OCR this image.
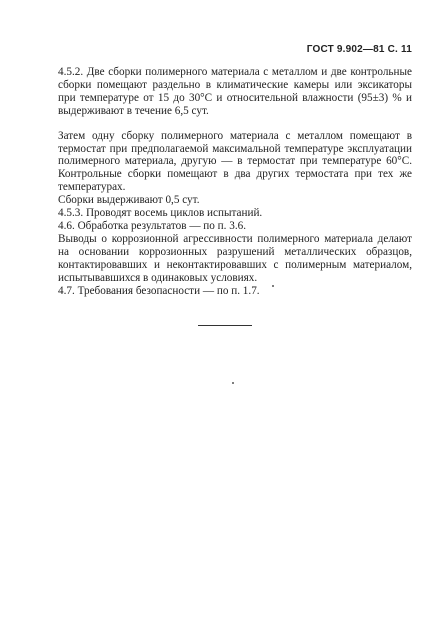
ГОСТ 9.902—81 С. 11

4.5.2. Две сборки полимерного материала с металлом и две контрольные сборки помещают раздельно в климатические камеры или эксикаторы при температуре от 15 до 30°C и относительной влажности (95±3) % и выдерживают в течение 6,5 сут.

Затем одну сборку полимерного материала с металлом помещают в термостат при предполагаемой максимальной температуре эксплуатации полимерного материала, другую — в термостат при температуре 60°C. Контрольные сборки помещают в два других термостата при тех же температурах.

Сборки выдерживают 0,5 сут.

4.5.3. Проводят восемь циклов испытаний.

4.6. Обработка результатов — по п. 3.6.

Выводы о коррозионной агрессивности полимерного материала делают на основании коррозионных разрушений металлических образцов, контактировавших и неконтактировавших с полимерным материалом, испытывавшихся в одинаковых условиях.

4.7. Требования безопасности — по п. 1.7.
